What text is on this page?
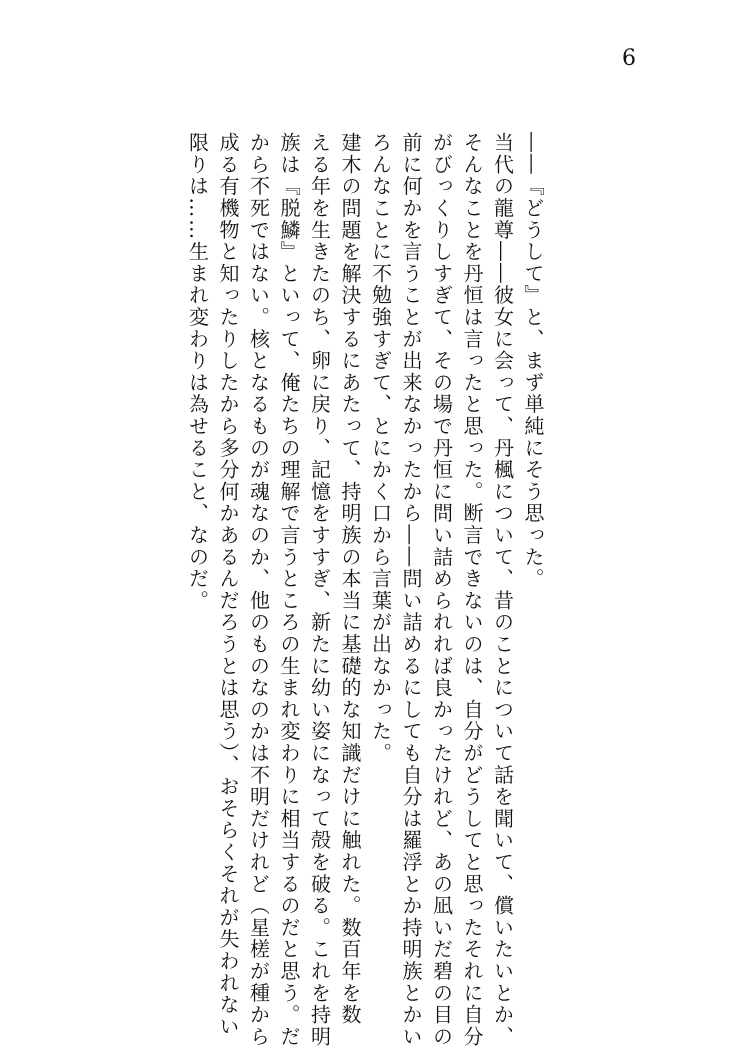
6
――『どうして』と、まず単純にそう思った。
当代の龍尊――彼女に会って、丹楓について、昔のことについて話を聞いて、償いたいとか、
そんなことを丹恒は言ったと思った。断言できないのは、自分がどうしてと思ったそれに自分
がびっくりしすぎて、その場で丹恒に問い詰められれば良かったけれど、あの凪いだ碧の目の
前に何かを言うことが出来なかったから――問い詰めるにしても自分は羅浮とか持明族とかい
ろんなことに不勉強すぎて、とにかく口から言葉が出なかった。
建木の問題を解決するにあたって、持明族の本当に基礎的な知識だけに触れた。数百年を数
える年を生きたのち、卵に戻り、記憶をすすぎ、新たに幼い姿になって殻を破る。これを持明
族は『脱鱗』といって、俺たちの理解で言うところの生まれ変わりに相当するのだと思う。だ
から不死ではない。核となるものが魂なのか、他のものなのかは不明だけれど（星槎が種から
成る有機物と知ったりしたから多分何かあるんだろうとは思う）、おそらくそれが失われない
限りは……生まれ変わりは為せること、なのだ。
